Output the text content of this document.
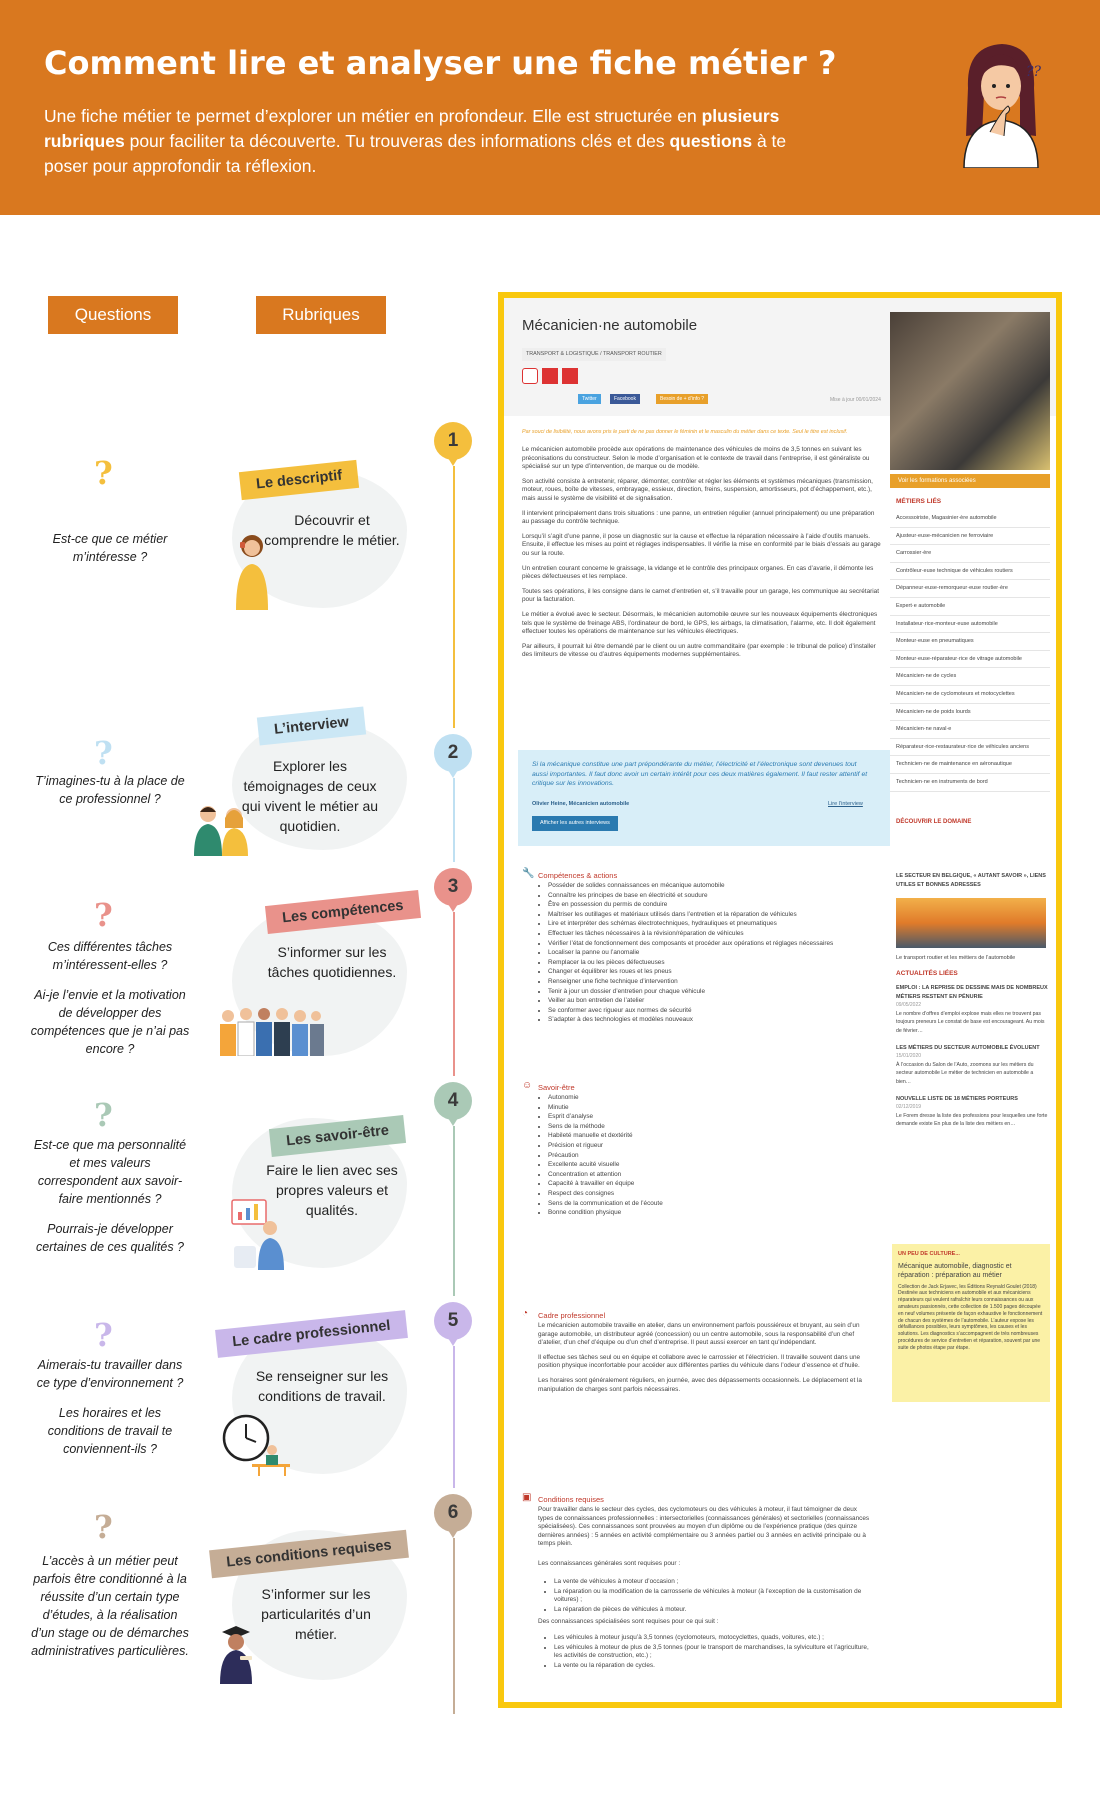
Comment lire et analyser une fiche métier ?

Une fiche métier te permet d’explorer un métier en profondeur. Elle est structurée en plusieurs rubriques pour faciliter ta découverte. Tu trouveras des informations clés et des questions à te poser pour approfondir ta réflexion.

??
Questions	Rubriques
1
?

Est-ce que ce métier m’intéresse ?

Le descriptif
Découvrir et comprendre le métier.
2
?

T’imagines-tu à la place de ce professionnel ?

L’interview
Explorer les témoignages de ceux qui vivent le métier au quotidien.
3
?

Ces différentes tâches m’intéressent-elles ?

Ai-je l’envie et la motivation de développer des compétences que je n’ai pas encore ?

Les compétences
S’informer sur les tâches quotidiennes.
4
?

Est-ce que ma personnalité et mes valeurs correspondent aux savoir-faire mentionnés ?

Pourrais-je développer certaines de ces qualités ?

Les savoir-être
Faire le lien avec ses propres valeurs et qualités.
5
?

Aimerais-tu travailler dans ce type d’environnement ?

Les horaires et les conditions de travail te conviennent-ils ?

Le cadre professionnel
Se renseigner sur les conditions de travail.
6
?

L’accès à un métier peut parfois être conditionné à la réussite d’un certain type d’études, à la réalisation d’un stage ou de démarches administratives particulières.

Les conditions requises
S’informer sur les particularités d’un métier.
Mécanicien·ne automobile
TRANSPORT & LOGISTIQUE / TRANSPORT ROUTIER

Twitter	Facebook	Besoin de + d’info ?	Mise à jour 00/01/2024
Par souci de lisibilité, nous avons pris le parti de ne pas donner le féminin et le masculin du métier dans ce texte. Seul le titre est inclusif.

Le mécanicien automobile procède aux opérations de maintenance des véhicules de moins de 3,5 tonnes en suivant les préconisations du constructeur. Selon le mode d’organisation et le contexte de travail dans l’entreprise, il est généraliste ou spécialisé sur un type d’intervention, de marque ou de modèle.

Son activité consiste à entretenir, réparer, démonter, contrôler et régler les éléments et systèmes mécaniques (transmission, moteur, roues, boîte de vitesses, embrayage, essieux, direction, freins, suspension, amortisseurs, pot d’échappement, etc.), mais aussi le système de visibilité et de signalisation.

Il intervient principalement dans trois situations : une panne, un entretien régulier (annuel principalement) ou une préparation au passage du contrôle technique.

Lorsqu’il s’agit d’une panne, il pose un diagnostic sur la cause et effectue la réparation nécessaire à l’aide d’outils manuels. Ensuite, il effectue les mises au point et réglages indispensables. Il vérifie la mise en conformité par le biais d’essais au garage ou sur la route.

Un entretien courant concerne le graissage, la vidange et le contrôle des principaux organes. En cas d’avarie, il démonte les pièces défectueuses et les remplace.

Toutes ses opérations, il les consigne dans le carnet d’entretien et, s’il travaille pour un garage, les communique au secrétariat pour la facturation.

Le métier a évolué avec le secteur. Désormais, le mécanicien automobile œuvre sur les nouveaux équipements électroniques tels que le système de freinage ABS, l’ordinateur de bord, le GPS, les airbags, la climatisation, l’alarme, etc. Il doit également effectuer toutes les opérations de maintenance sur les véhicules électriques.

Par ailleurs, il pourrait lui être demandé par le client ou un autre commanditaire (par exemple : le tribunal de police) d’installer des limiteurs de vitesse ou d’autres équipements modernes supplémentaires.

Voir les formations associées
MÉTIERS LIÉS
Accessoiriste, Magasinier·ère automobile
Ajusteur·euse-mécanicien ne ferroviaire
Carrossier·ère
Contrôleur·euse technique de véhicules routiers
Dépanneur·euse-remorqueur·euse routier·ère
Expert·e automobile
Installateur·rice-monteur·euse automobile
Monteur·euse en pneumatiques
Monteur·euse-réparateur·rice de vitrage automobile
Mécanicien·ne de cycles
Mécanicien·ne de cyclomoteurs et motocyclettes
Mécanicien·ne de poids lourds
Mécanicien·ne naval·e
Réparateur·rice-restaurateur·rice de véhicules anciens
Technicien·ne de maintenance en aéronautique
Technicien·ne en instruments de bord
Si la mécanique constitue une part prépondérante du métier, l’électricité et l’électronique sont devenues tout aussi importantes. Il faut donc avoir un certain intérêt pour ces deux matières également. Il faut rester attentif et critique sur les innovations.
Olivier Heine, Mécanicien automobile	Lire l’interview
Afficher les autres interviews	DÉCOUVRIR LE DOMAINE
🔧 Compétences & actions
• Posséder de solides connaissances en mécanique automobile
• Connaître les principes de base en électricité et soudure
• Être en possession du permis de conduire
• Maîtriser les outillages et matériaux utilisés dans l’entretien et la réparation de véhicules
• Lire et interpréter des schémas électrotechniques, hydrauliques et pneumatiques
• Effectuer les tâches nécessaires à la révision/réparation de véhicules
• Vérifier l’état de fonctionnement des composants et procéder aux opérations et réglages nécessaires
• Localiser la panne ou l’anomalie
• Remplacer la ou les pièces défectueuses
• Changer et équilibrer les roues et les pneus
• Renseigner une fiche technique d’intervention
• Tenir à jour un dossier d’entretien pour chaque véhicule
• Veiller au bon entretien de l’atelier
• Se conformer avec rigueur aux normes de sécurité
• S’adapter à des technologies et modèles nouveaux
LE SECTEUR EN BELGIQUE, « AUTANT SAVOIR », LIENS UTILES ET BONNES ADRESSES
Le transport routier et les métiers de l’automobile
ACTUALITÉS LIÉES
EMPLOI : LA REPRISE DE DESSINE MAIS DE NOMBREUX MÉTIERS RESTENT EN PÉNURIE
09/05/2022
Le nombre d’offres d’emploi explose mais elles ne trouvent pas toujours preneurs Le constat de base est encourageant. Au mois de février…
LES MÉTIERS DU SECTEUR AUTOMOBILE ÉVOLUENT
15/01/2020
À l’occasion du Salon de l’Auto, zoomons sur les métiers du secteur automobile Le métier de technicien en automobile a bien…
NOUVELLE LISTE DE 18 MÉTIERS PORTEURS
02/12/2019
Le Forem dresse la liste des professions pour lesquelles une forte demande existe En plus de la liste des métiers en…
☺ Savoir-être
• Autonomie
• Minutie
• Esprit d’analyse
• Sens de la méthode
• Habileté manuelle et dextérité
• Précision et rigueur
• Précaution
• Excellente acuité visuelle
• Concentration et attention
• Capacité à travailler en équipe
• Respect des consignes
• Sens de la communication et de l’écoute
• Bonne condition physique
UN PEU DE CULTURE...
Mécanique automobile, diagnostic et réparation : préparation au métier
Collection de Jack Erjavec, les Éditions Reynald Goulet (2018) Destinée aux techniciens en automobile et aux mécaniciens réparateurs qui veulent rafraîchir leurs connaissances ou aux amateurs passionnés, cette collection de 1.500 pages découpée en neuf volumes présente de façon exhaustive le fonctionnement de chacun des systèmes de l’automobile. L’auteur expose les défaillances possibles, leurs symptômes, les causes et les solutions. Les diagnostics s’accompagnent de très nombreuses procédures de service d’entretien et réparation, souvent par une suite de photos étape par étape.
◔ Cadre professionnel

Le mécanicien automobile travaille en atelier, dans un environnement parfois poussiéreux et bruyant, au sein d’un garage automobile, un distributeur agréé (concession) ou un centre automobile, sous la responsabilité d’un chef d’atelier, d’un chef d’équipe ou d’un chef d’entreprise. Il peut aussi exercer en tant qu’indépendant.

Il effectue ses tâches seul ou en équipe et collabore avec le carrossier et l’électricien. Il travaille souvent dans une position physique inconfortable pour accéder aux différentes parties du véhicule dans l’odeur d’essence et d’huile.

Les horaires sont généralement réguliers, en journée, avec des dépassements occasionnels. Le déplacement et la manipulation de charges sont parfois nécessaires.

▣ Conditions requises
Pour travailler dans le secteur des cycles, des cyclomoteurs ou des véhicules à moteur, il faut témoigner de deux types de connaissances professionnelles : intersectorielles (connaissances générales) et sectorielles (connaissances spécialisées). Ces connaissances sont prouvées au moyen d’un diplôme ou de l’expérience pratique (des quinze dernières années) : 5 années en activité complémentaire ou 3 années partiel ou 3 années en activité principale ou à temps plein.
Les connaissances générales sont requises pour :
• La vente de véhicules à moteur d’occasion ;
• La réparation ou la modification de la carrosserie de véhicules à moteur (à l’exception de la customisation de voitures) ;
• La réparation de pièces de véhicules à moteur.
Des connaissances spécialisées sont requises pour ce qui suit :
• Les véhicules à moteur jusqu’à 3,5 tonnes (cyclomoteurs, motocyclettes, quads, voitures, etc.) ;
• Les véhicules à moteur de plus de 3,5 tonnes (pour le transport de marchandises, la sylviculture et l’agriculture, les activités de construction, etc.) ;
• La vente ou la réparation de cycles.
